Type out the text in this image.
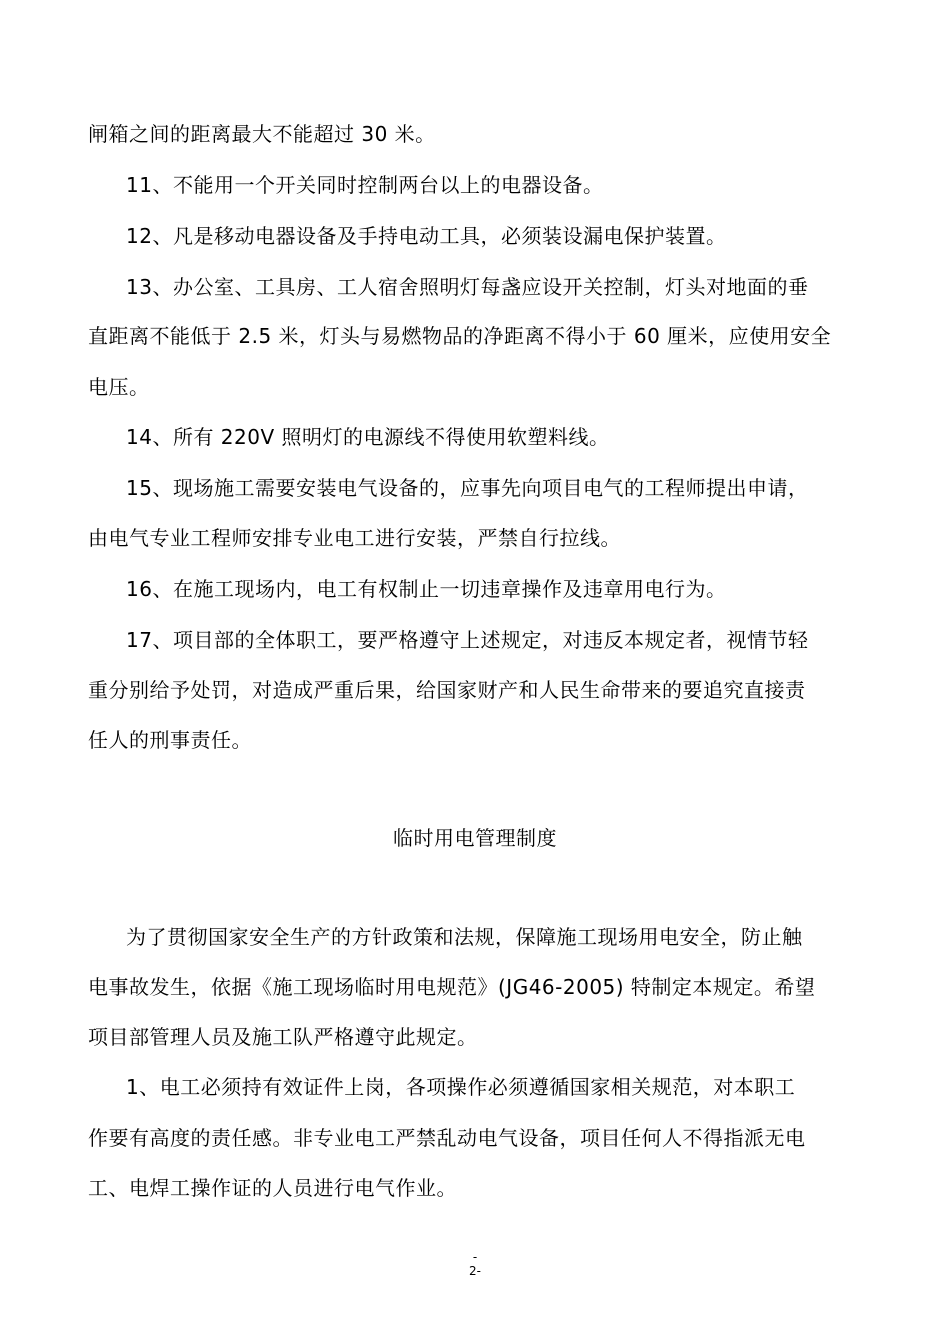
闸箱之间的距离最大不能超过 30 米。
11、不能用一个开关同时控制两台以上的电器设备。
12、凡是移动电器设备及手持电动工具，必须装设漏电保护装置。
13、办公室、工具房、工人宿舍照明灯每盏应设开关控制，灯头对地面的垂
直距离不能低于 2.5 米，灯头与易燃物品的净距离不得小于 60 厘米，应使用安全
电压。
14、所有 220V 照明灯的电源线不得使用软塑料线。
15、现场施工需要安装电气设备的，应事先向项目电气的工程师提出申请，
由电气专业工程师安排专业电工进行安装，严禁自行拉线。
16、在施工现场内，电工有权制止一切违章操作及违章用电行为。
17、项目部的全体职工，要严格遵守上述规定，对违反本规定者，视情节轻
重分别给予处罚，对造成严重后果，给国家财产和人民生命带来的要追究直接责
任人的刑事责任。
临时用电管理制度
为了贯彻国家安全生产的方针政策和法规，保障施工现场用电安全，防止触
电事故发生，依据《施工现场临时用电规范》(JG46-2005) 特制定本规定。希望
项目部管理人员及施工队严格遵守此规定。
1、电工必须持有效证件上岗，各项操作必须遵循国家相关规范，对本职工
作要有高度的责任感。非专业电工严禁乱动电气设备，项目任何人不得指派无电
工、电焊工操作证的人员进行电气作业。
-
2-
